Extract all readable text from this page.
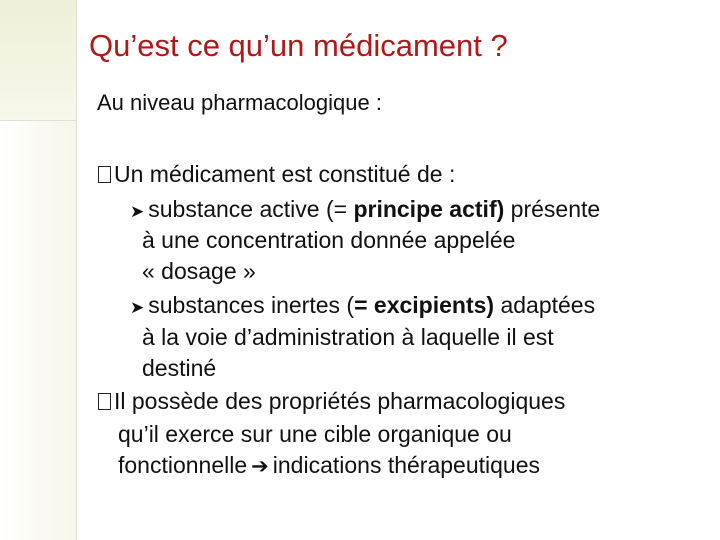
Qu’est ce qu’un médicament ?
Au niveau pharmacologique :
Un médicament est constitué de :
➤ substance active (= principe actif) présente
à une concentration donnée appelée
« dosage »
➤ substances inertes (= excipients) adaptées
à la voie d’administration à laquelle il est
destiné
Il possède des propriétés pharmacologiques
qu’il exerce sur une cible organique ou
fonctionnelle ➔ indications thérapeutiques
